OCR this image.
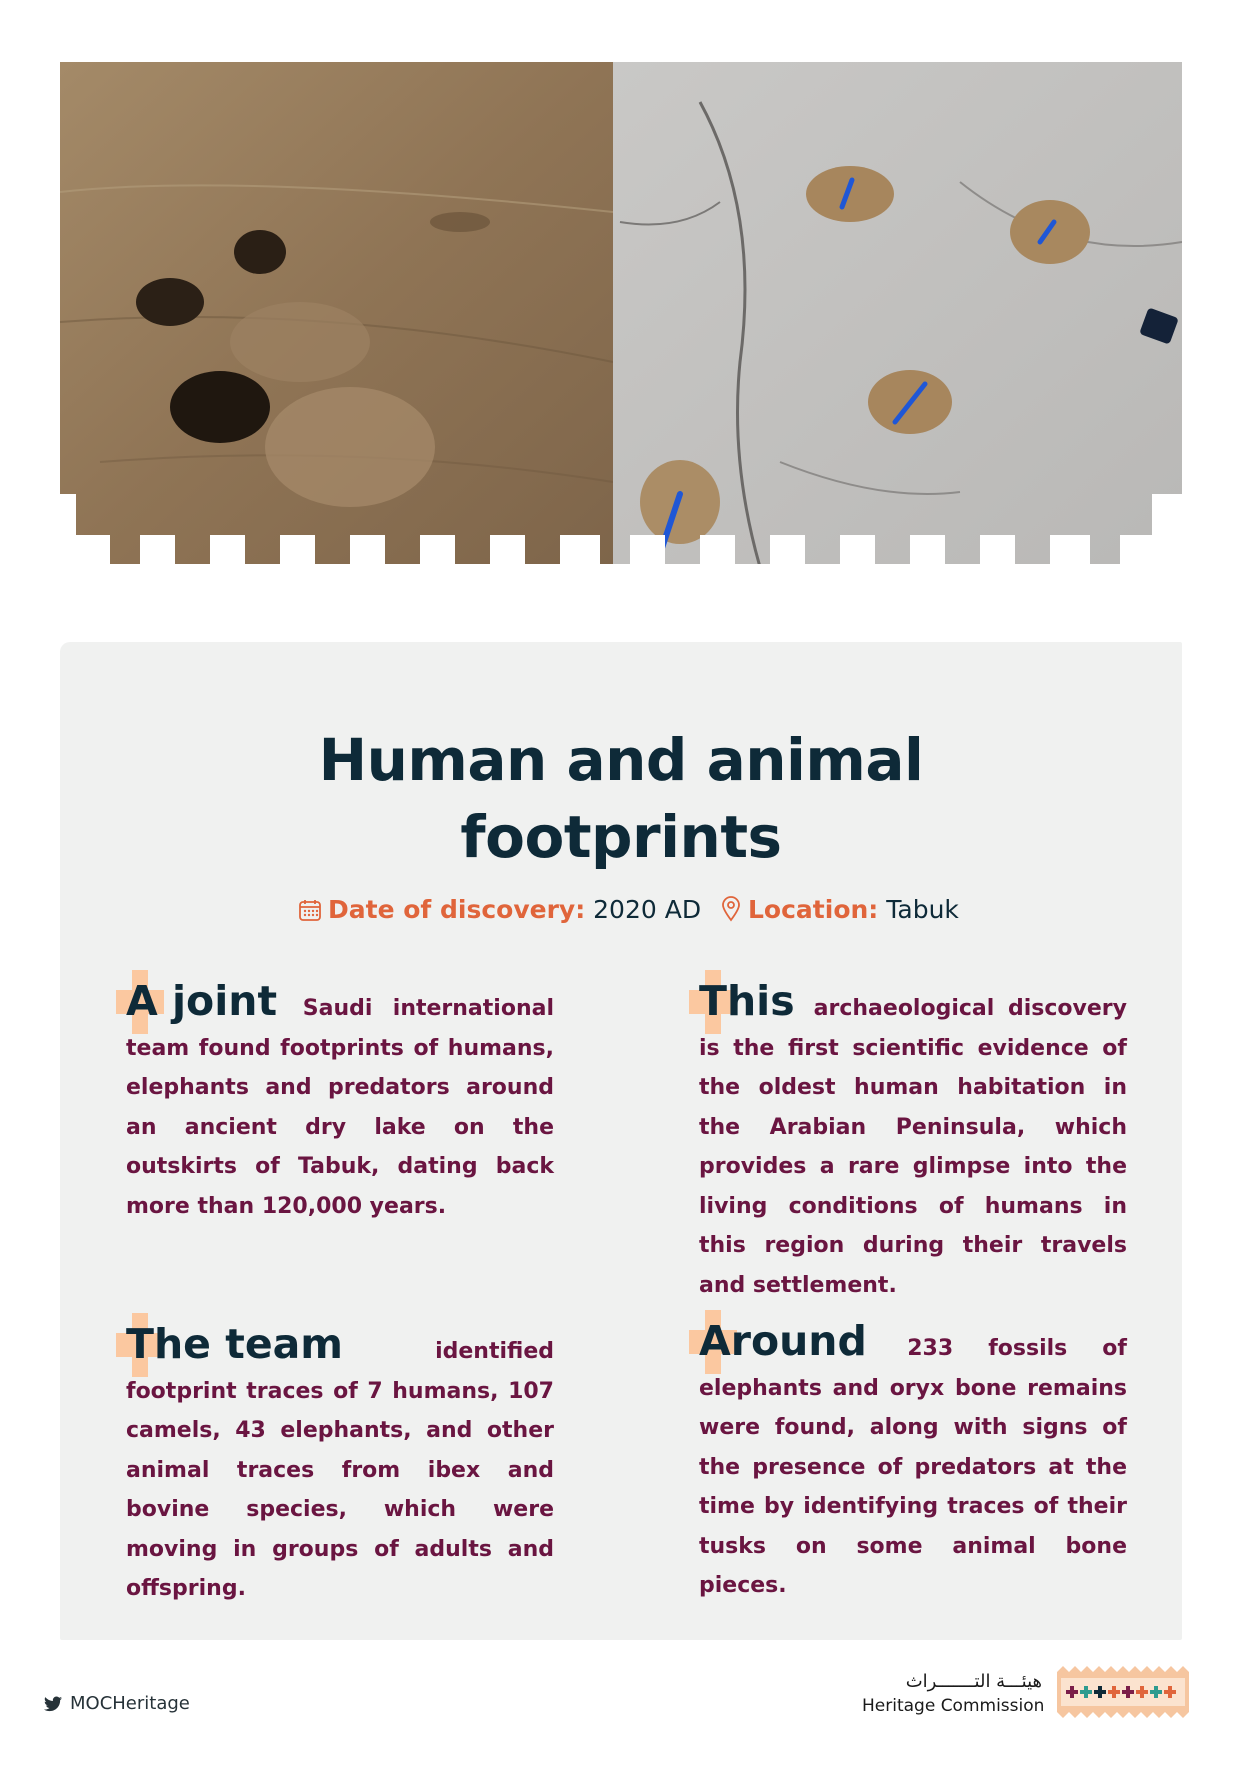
Human and animal
footprints
Date of discovery: 2020 AD	Location: Tabuk

A joint Saudi international team found footprints of humans, elephants and predators around an ancient dry lake on the outskirts of Tabuk, dating back more than 120,000 years.

This archaeological discovery is the first scientific evidence of the oldest human habitation in the Arabian Peninsula, which provides a rare glimpse into the living conditions of humans in this region during their travels and settlement.

The team	identified footprint traces of 7 humans, 107 camels, 43 elephants, and other animal traces from ibex and bovine species, which were moving in groups of adults and offspring.

Around 233 fossils of elephants and oryx bone remains were found, along with signs of the presence of predators at the time by identifying traces of their tusks on some animal bone pieces.

MOCHeritage
هيئـــة التـــــــراث
Heritage Commission
